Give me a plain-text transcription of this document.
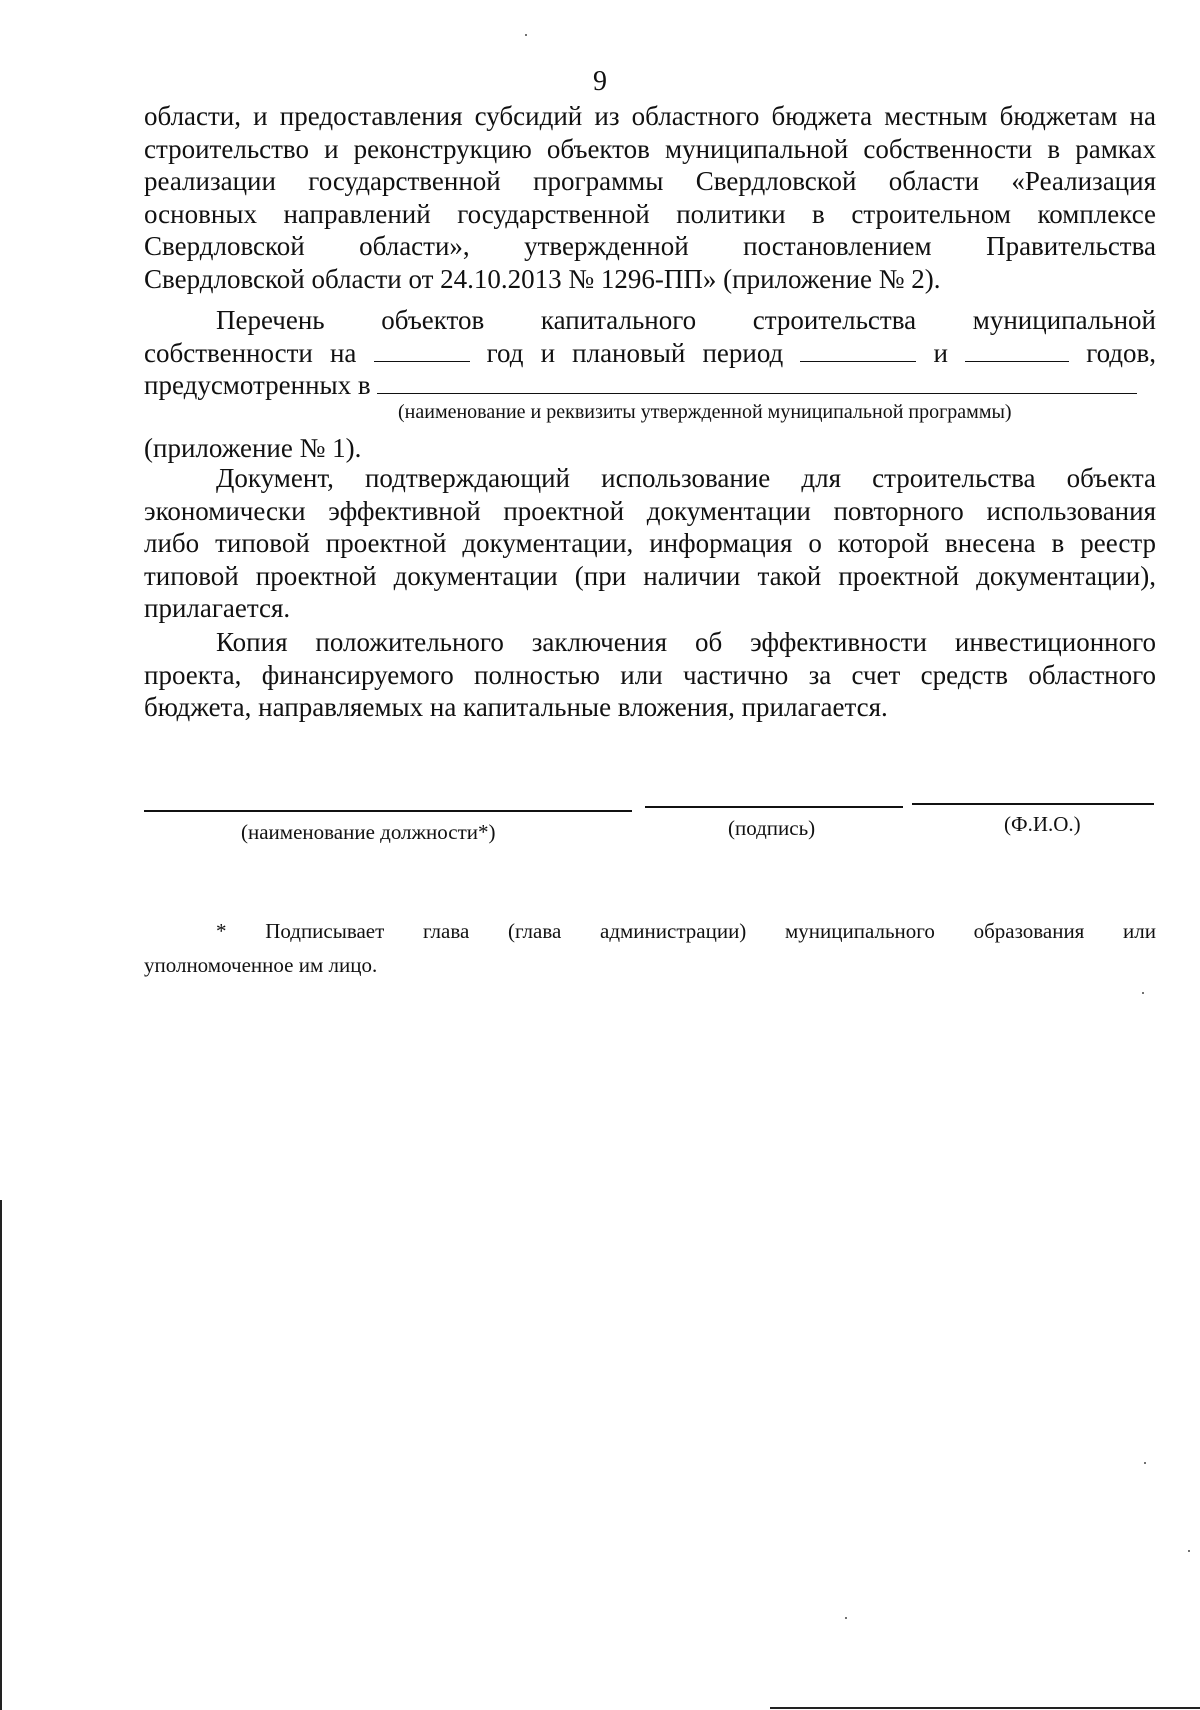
9
области, и предоставления субсидий из областного бюджета местным бюджетам на
строительство и реконструкцию объектов муниципальной собственности в рамках
реализации государственной программы Свердловской области «Реализация
основных направлений государственной политики в строительном комплексе
Свердловской области», утвержденной постановлением Правительства
Свердловской области от 24.10.2013 № 1296-ПП» (приложение № 2).
Перечень объектов капитального строительства муниципальной
собственности на	год и плановый период	и	годов,
предусмотренных в
(наименование и реквизиты утвержденной муниципальной программы)
(приложение № 1).
Документ, подтверждающий использование для строительства объекта
экономически эффективной проектной документации повторного использования
либо типовой проектной документации, информация о которой внесена в реестр
типовой проектной документации (при наличии такой проектной документации),
прилагается.
Копия положительного заключения об эффективности инвестиционного
проекта, финансируемого полностью или частично за счет средств областного
бюджета, направляемых на капитальные вложения, прилагается.
(наименование должности*)	(подпись)	(Ф.И.О.)
* Подписывает глава (глава администрации) муниципального образования или
уполномоченное им лицо.
